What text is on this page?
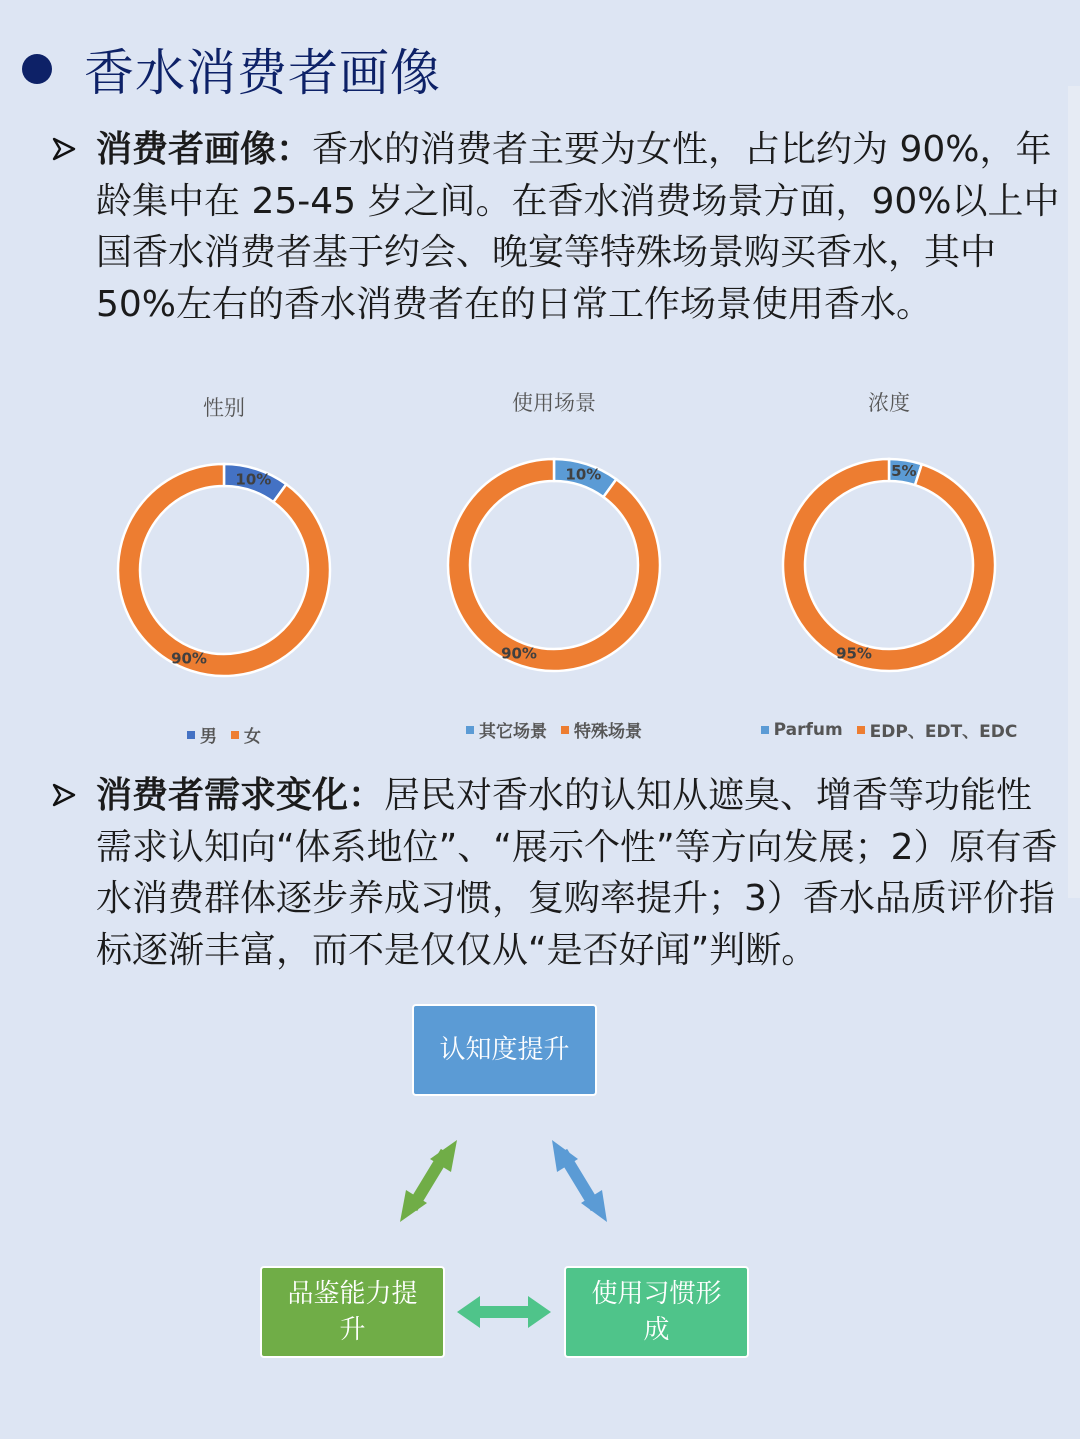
香水消费者画像
消费者画像：香水的消费者主要为女性，占比约为 90%，年龄集中在 25-45 岁之间。在香水消费场景方面，90%以上中国香水消费者基于约会、晚宴等特殊场景购买香水，其中50%左右的香水消费者在的日常工作场景使用香水。
性别
10%
90%
男 女
使用场景
10%
90%
其它场景 特殊场景
浓度
5%
95%
Parfum EDP、EDT、EDC
消费者需求变化：居民对香水的认知从遮臭、增香等功能性需求认知向“体系地位”、“展示个性”等方向发展；2）原有香水消费群体逐步养成习惯，复购率提升；3）香水品质评价指标逐渐丰富，而不是仅仅从“是否好闻”判断。
认知度提升
品鉴能力提升
使用习惯形成
